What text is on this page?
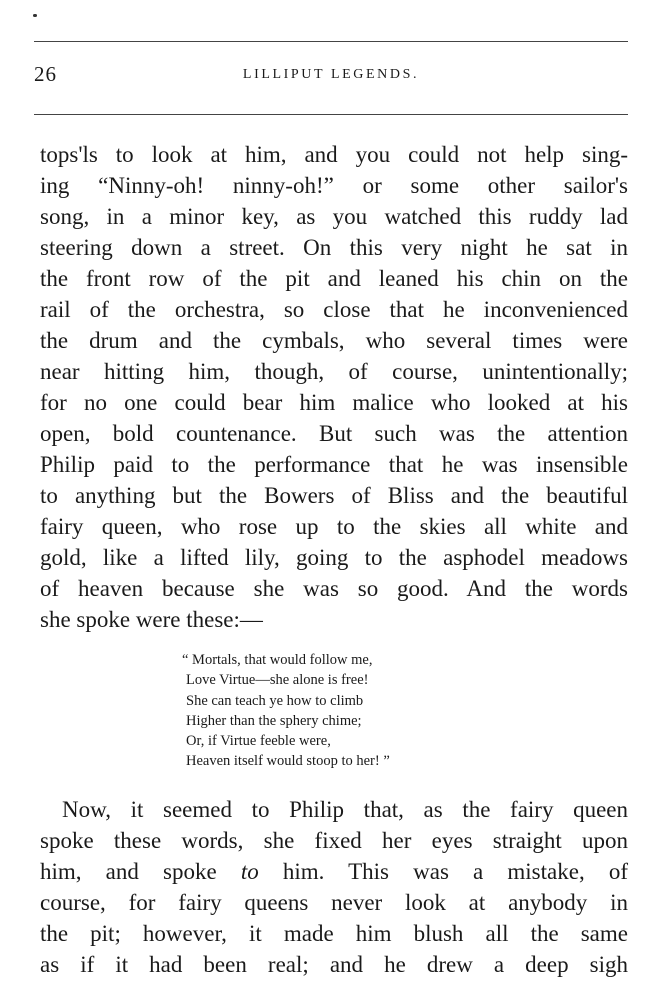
26	LILLIPUT LEGENDS.
tops'ls to look at him, and you could not help sing-
ing “Ninny-oh! ninny-oh!” or some other sailor's
song, in a minor key, as you watched this ruddy lad
steering down a street. On this very night he sat in
the front row of the pit and leaned his chin on the
rail of the orchestra, so close that he inconvenienced
the drum and the cymbals, who several times were
near hitting him, though, of course, unintentionally;
for no one could bear him malice who looked at his
open, bold countenance. But such was the attention
Philip paid to the performance that he was insensible
to anything but the Bowers of Bliss and the beautiful
fairy queen, who rose up to the skies all white and
gold, like a lifted lily, going to the asphodel meadows
of heaven because she was so good. And the words
she spoke were these:—
“ Mortals, that would follow me,
Love Virtue—she alone is free!
She can teach ye how to climb
Higher than the sphery chime;
Or, if Virtue feeble were,
Heaven itself would stoop to her! ”
Now, it seemed to Philip that, as the fairy queen
spoke these words, she fixed her eyes straight upon
him, and spoke to him. This was a mistake, of
course, for fairy queens never look at anybody in
the pit; however, it made him blush all the same
as if it had been real; and he drew a deep sigh
